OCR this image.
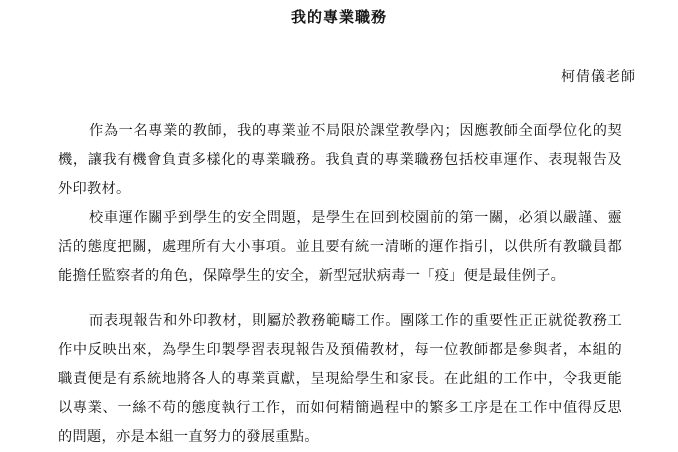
我的專業職務
柯倩儀老師

作為一名專業的教師，我的專業並不局限於課堂教學內；因應教師全面學位化的契機，讓我有機會負責多樣化的專業職務。我負責的專業職務包括校車運作、表現報告及外印教材。

校車運作關乎到學生的安全問題，是學生在回到校園前的第一關，必須以嚴謹、靈活的態度把關，處理所有大小事項。並且要有統一清晰的運作指引，以供所有教職員都能擔任監察者的角色，保障學生的安全，新型冠狀病毒一「疫」便是最佳例子。

而表現報告和外印教材，則屬於教務範疇工作。團隊工作的重要性正正就從教務工作中反映出來，為學生印製學習表現報告及預備教材，每一位教師都是參與者，本組的職責便是有系統地將各人的專業貢獻，呈現給學生和家長。在此組的工作中，令我更能以專業、一絲不苟的態度執行工作，而如何精簡過程中的繁多工序是在工作中值得反思的問題，亦是本組一直努力的發展重點。
